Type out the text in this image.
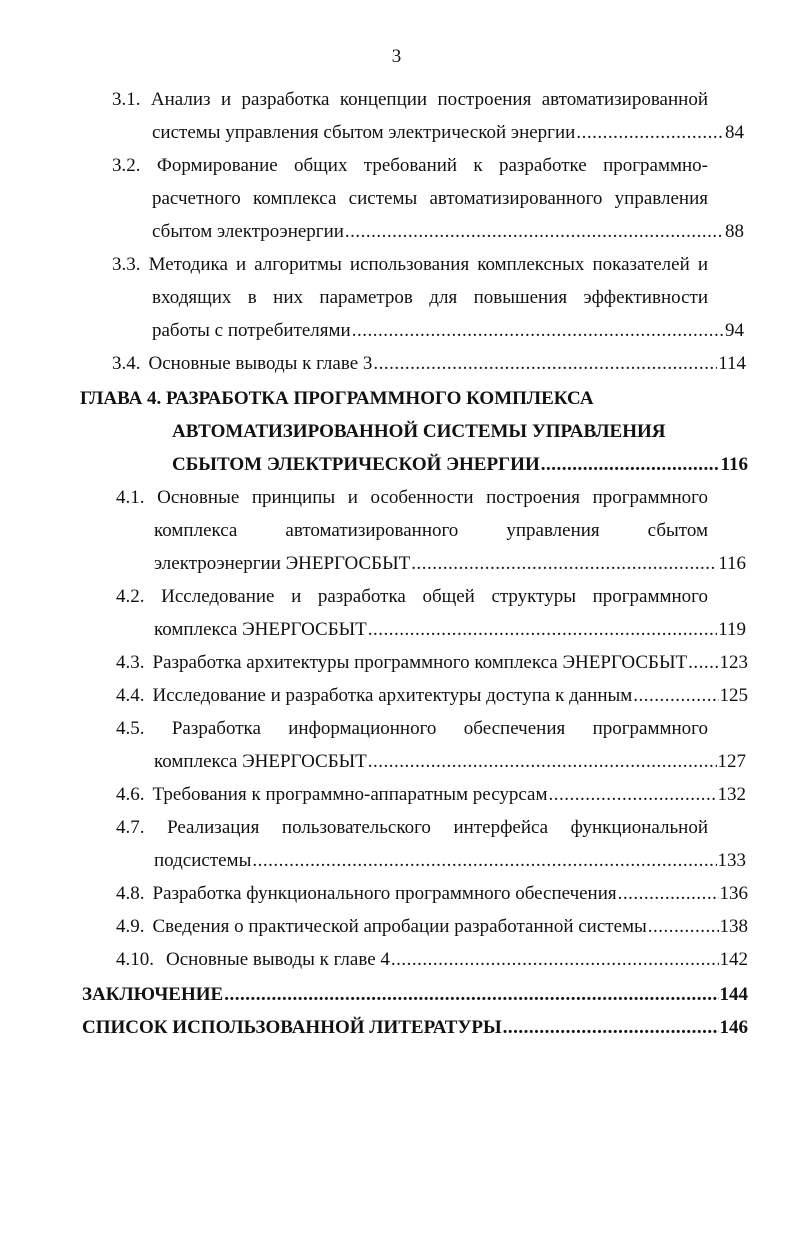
3
3.1. Анализ и разработка концепции построения автоматизированной
системы управления сбытом электрической энергии .....	84
3.2. Формирование общих требований к разработке программно-
расчетного комплекса системы автоматизированного управления
сбытом электроэнергии .....	88
3.3. Методика и алгоритмы использования комплексных показателей и
входящих в них параметров для повышения эффективности
работы с потребителями .....	94
3.4. Основные выводы к главе 3 .....	114
ГЛАВА 4. РАЗРАБОТКА ПРОГРАММНОГО КОМПЛЕКСА
АВТОМАТИЗИРОВАННОЙ СИСТЕМЫ УПРАВЛЕНИЯ
СБЫТОМ ЭЛЕКТРИЧЕСКОЙ ЭНЕРГИИ .....	116
4.1. Основные принципы и особенности построения программного
комплекса автоматизированного управления сбытом
электроэнергии ЭНЕРГОСБЫТ .....	116
4.2. Исследование и разработка общей структуры программного
комплекса ЭНЕРГОСБЫТ .....	119
4.3. Разработка архитектуры программного комплекса ЭНЕРГОСБЫТ ..... 123
4.4. Исследование и разработка архитектуры доступа к данным .....	125
4.5. Разработка информационного обеспечения программного
комплекса ЭНЕРГОСБЫТ .....	127
4.6. Требования к программно-аппаратным ресурсам .....	132
4.7. Реализация пользовательского интерфейса функциональной
подсистемы .....	133
4.8. Разработка функционального программного обеспечения .....	136
4.9. Сведения о практической апробации разработанной системы .....	138
4.10. Основные выводы к главе 4 .....	142
ЗАКЛЮЧЕНИЕ .....	144
СПИСОК ИСПОЛЬЗОВАННОЙ ЛИТЕРАТУРЫ .....	146
